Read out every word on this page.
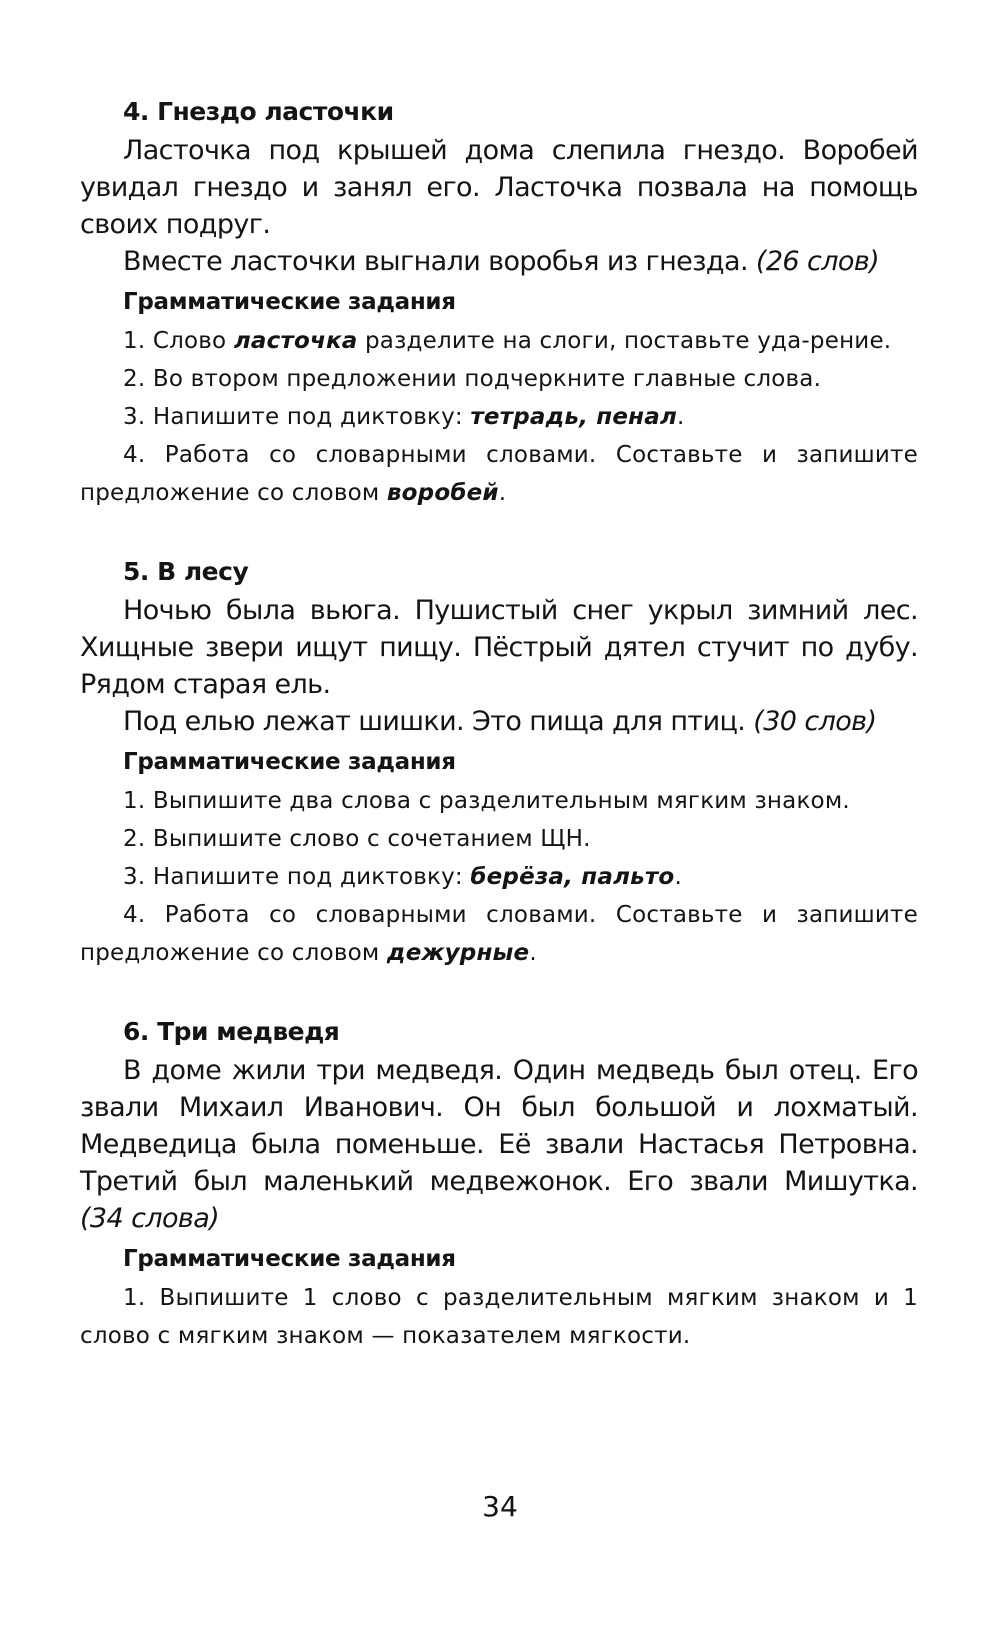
4. Гнездо ласточки

Ласточка под крышей дома слепила гнездо. Воробей увидал гнездо и занял его. Ласточка позвала на помощь своих подруг.

Вместе ласточки выгнали воробья из гнезда. (26 слов)

Грамматические задания

1. Слово ласточка разделите на слоги, поставьте уда-рение.

2. Во втором предложении подчеркните главные слова.

3. Напишите под диктовку: тетрадь, пенал.

4. Работа со словарными словами. Составьте и запишите предложение со словом воробей.

5. В лесу

Ночью была вьюга. Пушистый снег укрыл зимний лес. Хищные звери ищут пищу. Пёстрый дятел стучит по дубу. Рядом старая ель.

Под елью лежат шишки. Это пища для птиц. (30 слов)

Грамматические задания

1. Выпишите два слова с разделительным мягким знаком.

2. Выпишите слово с сочетанием ЩН.

3. Напишите под диктовку: берёза, пальто.

4. Работа со словарными словами. Составьте и запишите предложение со словом дежурные.

6. Три медведя

В доме жили три медведя. Один медведь был отец. Его звали Михаил Иванович. Он был большой и лохматый. Медведица была поменьше. Её звали Настасья Петровна. Третий был маленький медвежонок. Его звали Мишутка. (34 слова)

Грамматические задания

1. Выпишите 1 слово с разделительным мягким знаком и 1 слово с мягким знаком — показателем мягкости.

34
